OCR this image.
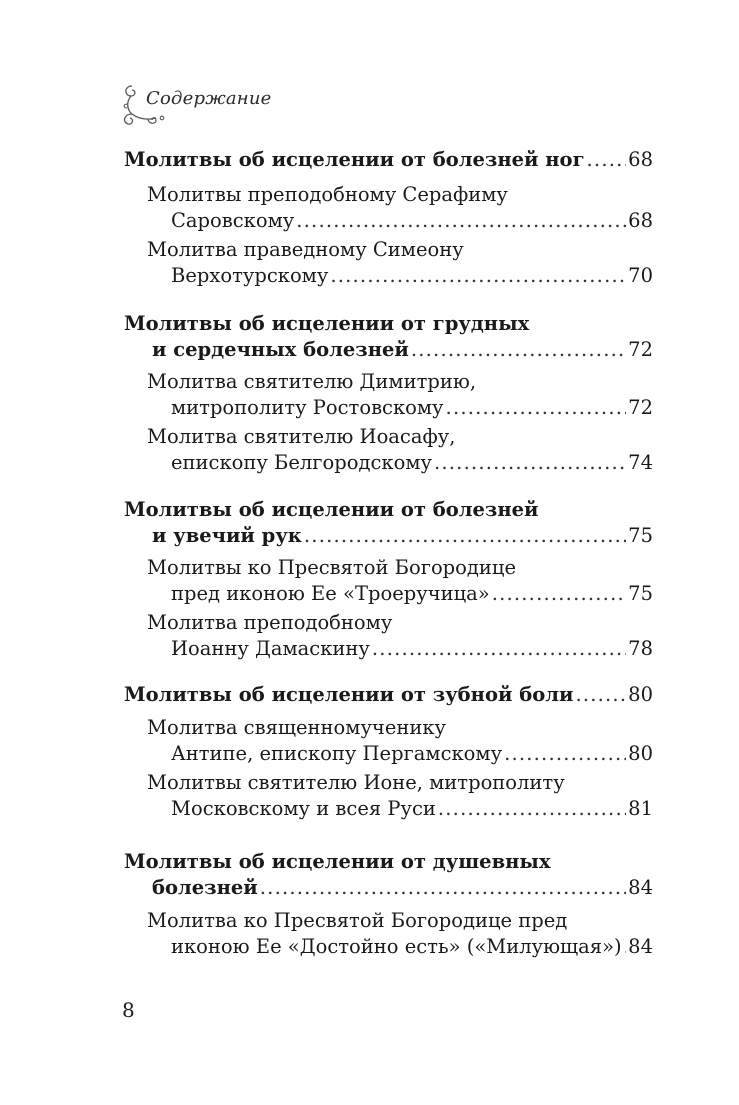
Содержание
Молитвы об исцелении от болезней ног ..... 68
Молитвы преподобному Серафиму
Саровскому .....	68
Молитва праведному Симеону
Верхотурскому .....	70
Молитвы об исцелении от грудных
и сердечных болезней .....	72
Молитва святителю Димитрию,
митрополиту Ростовскому .....	72
Молитва святителю Иоасафу,
епископу Белгородскому .....	74
Молитвы об исцелении от болезней
и увечий рук .....	75
Молитвы ко Пресвятой Богородице
пред иконою Ее «Троеручица» .....	75
Молитва преподобному
Иоанну Дамаскину .....	78
Молитвы об исцелении от зубной боли .....	80
Молитва священномученику
Антипе, епископу Пергамскому .....	80
Молитвы святителю Ионе, митрополиту
Московскому и всея Руси .....	81
Молитвы об исцелении от душевных
болезней .....	84
Молитва ко Пресвятой Богородице пред
иконою Ее «Достойно есть» («Милующая») ..... 84
8
